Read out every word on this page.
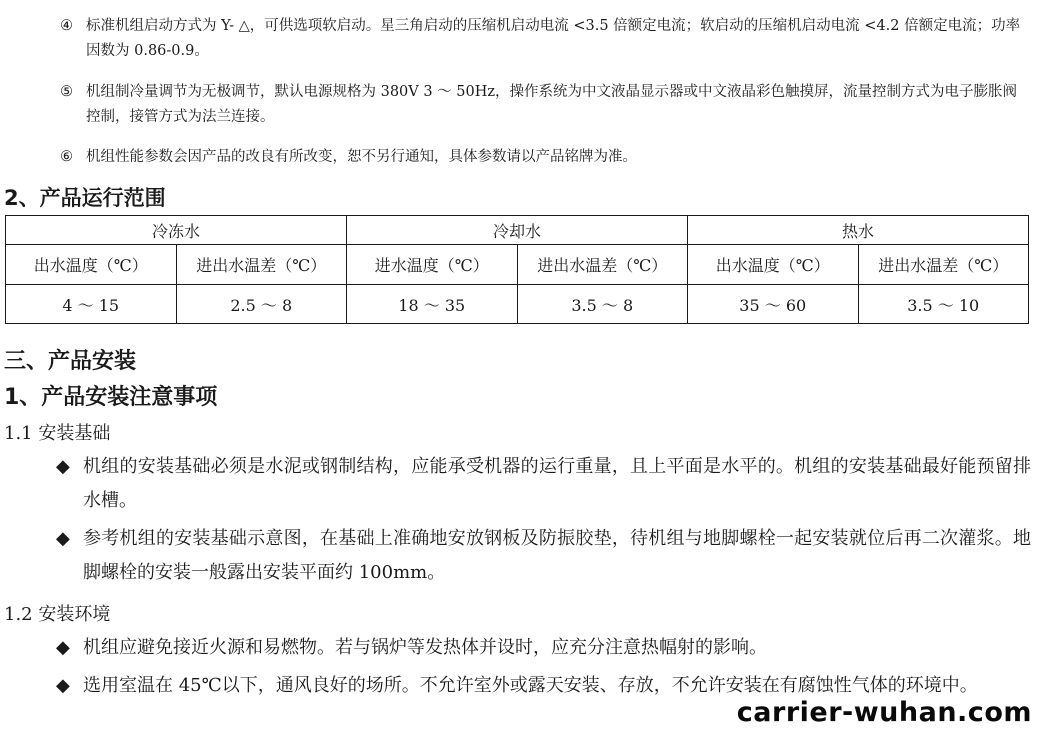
④ 标准机组启动方式为 Y- △，可供选项软启动。星三角启动的压缩机启动电流 <3.5 倍额定电流；软启动的压缩机启动电流 <4.2 倍额定电流；功率因数为 0.86-0.9。
⑤ 机组制冷量调节为无极调节，默认电源规格为 380V 3 ～ 50Hz，操作系统为中文液晶显示器或中文液晶彩色触摸屏，流量控制方式为电子膨胀阀控制，接管方式为法兰连接。
⑥ 机组性能参数会因产品的改良有所改变，恕不另行通知，具体参数请以产品铭牌为准。
2、产品运行范围
冷冻水		冷却水		热水	
出水温度（℃）	进出水温差（℃）	进水温度（℃）	进出水温差（℃）	出水温度（℃）	进出水温差（℃）
4 ～ 15	2.5 ～ 8	18 ～ 35	3.5 ～ 8	35 ～ 60	3.5 ～ 10
三、产品安装
1、产品安装注意事项
1.1 安装基础
◆ 机组的安装基础必须是水泥或钢制结构，应能承受机器的运行重量，且上平面是水平的。机组的安装基础最好能预留排水槽。
◆ 参考机组的安装基础示意图，在基础上准确地安放钢板及防振胶垫，待机组与地脚螺栓一起安装就位后再二次灌浆。地脚螺栓的安装一般露出安装平面约 100mm。
1.2 安装环境
◆ 机组应避免接近火源和易燃物。若与锅炉等发热体并设时，应充分注意热幅射的影响。
◆ 选用室温在 45℃以下，通风良好的场所。不允许室外或露天安装、存放，不允许安装在有腐蚀性气体的环境中。
carrier-wuhan.com
